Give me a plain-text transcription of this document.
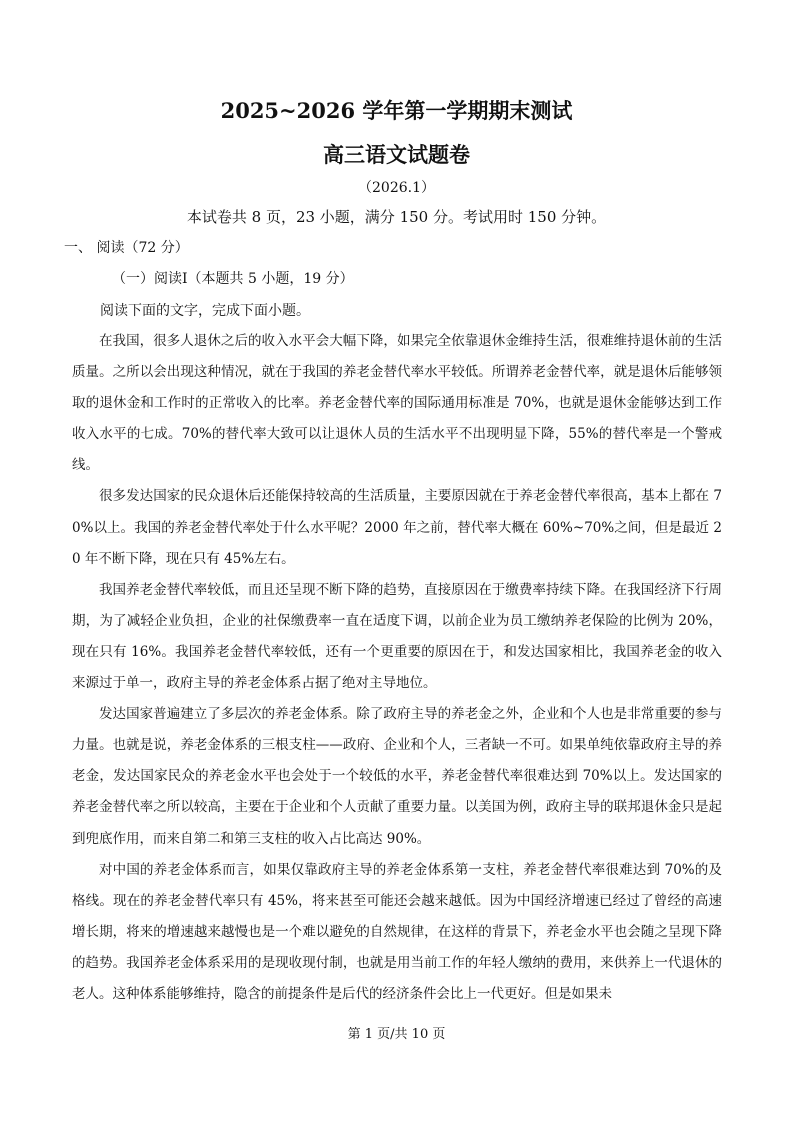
2025~2026 学年第一学期期末测试
高三语文试题卷
（2026.1）
本试卷共 8 页，23 小题，满分 150 分。考试用时 150 分钟。
一、 阅读（72 分）
（一）阅读Ⅰ（本题共 5 小题，19 分）
阅读下面的文字，完成下面小题。

在我国，很多人退休之后的收入水平会大幅下降，如果完全依靠退休金维持生活，很难维持退休前的生活质量。之所以会出现这种情况，就在于我国的养老金替代率水平较低。所谓养老金替代率，就是退休后能够领取的退休金和工作时的正常收入的比率。养老金替代率的国际通用标准是 70%，也就是退休金能够达到工作收入水平的七成。70%的替代率大致可以让退休人员的生活水平不出现明显下降，55%的替代率是一个警戒线。

很多发达国家的民众退休后还能保持较高的生活质量，主要原因就在于养老金替代率很高，基本上都在 70%以上。我国的养老金替代率处于什么水平呢？2000 年之前，替代率大概在 60%~70%之间，但是最近 20 年不断下降，现在只有 45%左右。

我国养老金替代率较低，而且还呈现不断下降的趋势，直接原因在于缴费率持续下降。在我国经济下行周期，为了减轻企业负担，企业的社保缴费率一直在适度下调，以前企业为员工缴纳养老保险的比例为 20%，现在只有 16%。我国养老金替代率较低，还有一个更重要的原因在于，和发达国家相比，我国养老金的收入来源过于单一，政府主导的养老金体系占据了绝对主导地位。

发达国家普遍建立了多层次的养老金体系。除了政府主导的养老金之外，企业和个人也是非常重要的参与力量。也就是说，养老金体系的三根支柱——政府、企业和个人，三者缺一不可。如果单纯依靠政府主导的养老金，发达国家民众的养老金水平也会处于一个较低的水平，养老金替代率很难达到 70%以上。发达国家的养老金替代率之所以较高，主要在于企业和个人贡献了重要力量。以美国为例，政府主导的联邦退休金只是起到兜底作用，而来自第二和第三支柱的收入占比高达 90%。

对中国的养老金体系而言，如果仅靠政府主导的养老金体系第一支柱，养老金替代率很难达到 70%的及格线。现在的养老金替代率只有 45%，将来甚至可能还会越来越低。因为中国经济增速已经过了曾经的高速增长期，将来的增速越来越慢也是一个难以避免的自然规律，在这样的背景下，养老金水平也会随之呈现下降的趋势。我国养老金体系采用的是现收现付制，也就是用当前工作的年轻人缴纳的费用，来供养上一代退休的老人。这种体系能够维持，隐含的前提条件是后代的经济条件会比上一代更好。但是如果未

第 1 页/共 10 页
